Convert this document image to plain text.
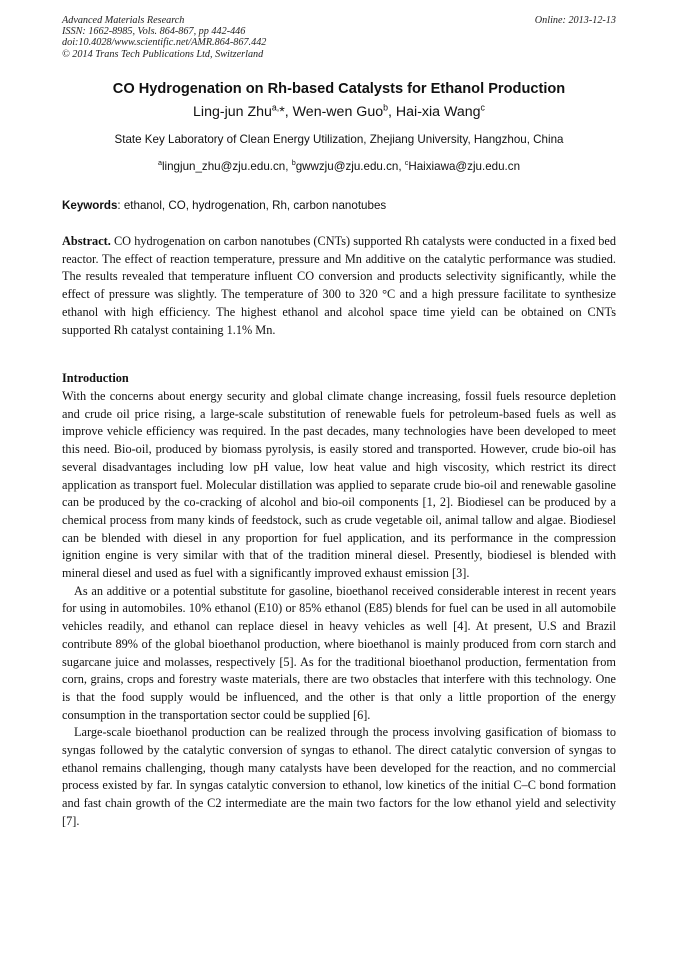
Advanced Materials Research
ISSN: 1662-8985, Vols. 864-867, pp 442-446
doi:10.4028/www.scientific.net/AMR.864-867.442
© 2014 Trans Tech Publications Ltd, Switzerland
Online: 2013-12-13
CO Hydrogenation on Rh-based Catalysts for Ethanol Production
Ling-jun Zhu$^{a,}$*, Wen-wen Guo$^b$, Hai-xia Wang$^c$
State Key Laboratory of Clean Energy Utilization, Zhejiang University, Hangzhou, China
$^a$lingjun_zhu@zju.edu.cn, $^b$gwwzju@zju.edu.cn, $^c$Haixiawa@zju.edu.cn
Keywords: ethanol, CO, hydrogenation, Rh, carbon nanotubes
Abstract. CO hydrogenation on carbon nanotubes (CNTs) supported Rh catalysts were conducted in a fixed bed reactor. The effect of reaction temperature, pressure and Mn additive on the catalytic performance was studied. The results revealed that temperature influent CO conversion and products selectivity significantly, while the effect of pressure was slightly. The temperature of 300 to 320 °C and a high pressure facilitate to synthesize ethanol with high efficiency. The highest ethanol and alcohol space time yield can be obtained on CNTs supported Rh catalyst containing 1.1% Mn.
Introduction

With the concerns about energy security and global climate change increasing, fossil fuels resource depletion and crude oil price rising, a large-scale substitution of renewable fuels for petroleum-based fuels as well as improve vehicle efficiency was required. In the past decades, many technologies have been developed to meet this need. Bio-oil, produced by biomass pyrolysis, is easily stored and transported. However, crude bio-oil has several disadvantages including low pH value, low heat value and high viscosity, which restrict its direct application as transport fuel. Molecular distillation was applied to separate crude bio-oil and renewable gasoline can be produced by the co-cracking of alcohol and bio-oil components [1, 2]. Biodiesel can be produced by a chemical process from many kinds of feedstock, such as crude vegetable oil, animal tallow and algae. Biodiesel can be blended with diesel in any proportion for fuel application, and its performance in the compression ignition engine is very similar with that of the tradition mineral diesel. Presently, biodiesel is blended with mineral diesel and used as fuel with a significantly improved exhaust emission [3].

As an additive or a potential substitute for gasoline, bioethanol received considerable interest in recent years for using in automobiles. 10% ethanol (E10) or 85% ethanol (E85) blends for fuel can be used in all automobile vehicles readily, and ethanol can replace diesel in heavy vehicles as well [4]. At present, U.S and Brazil contribute 89% of the global bioethanol production, where bioethanol is mainly produced from corn starch and sugarcane juice and molasses, respectively [5]. As for the traditional bioethanol production, fermentation from corn, grains, crops and forestry waste materials, there are two obstacles that interfere with this technology. One is that the food supply would be influenced, and the other is that only a little proportion of the energy consumption in the transportation sector could be supplied [6].

Large-scale bioethanol production can be realized through the process involving gasification of biomass to syngas followed by the catalytic conversion of syngas to ethanol. The direct catalytic conversion of syngas to ethanol remains challenging, though many catalysts have been developed for the reaction, and no commercial process existed by far. In syngas catalytic conversion to ethanol, low kinetics of the initial C–C bond formation and fast chain growth of the C2 intermediate are the main two factors for the low ethanol yield and selectivity [7].
